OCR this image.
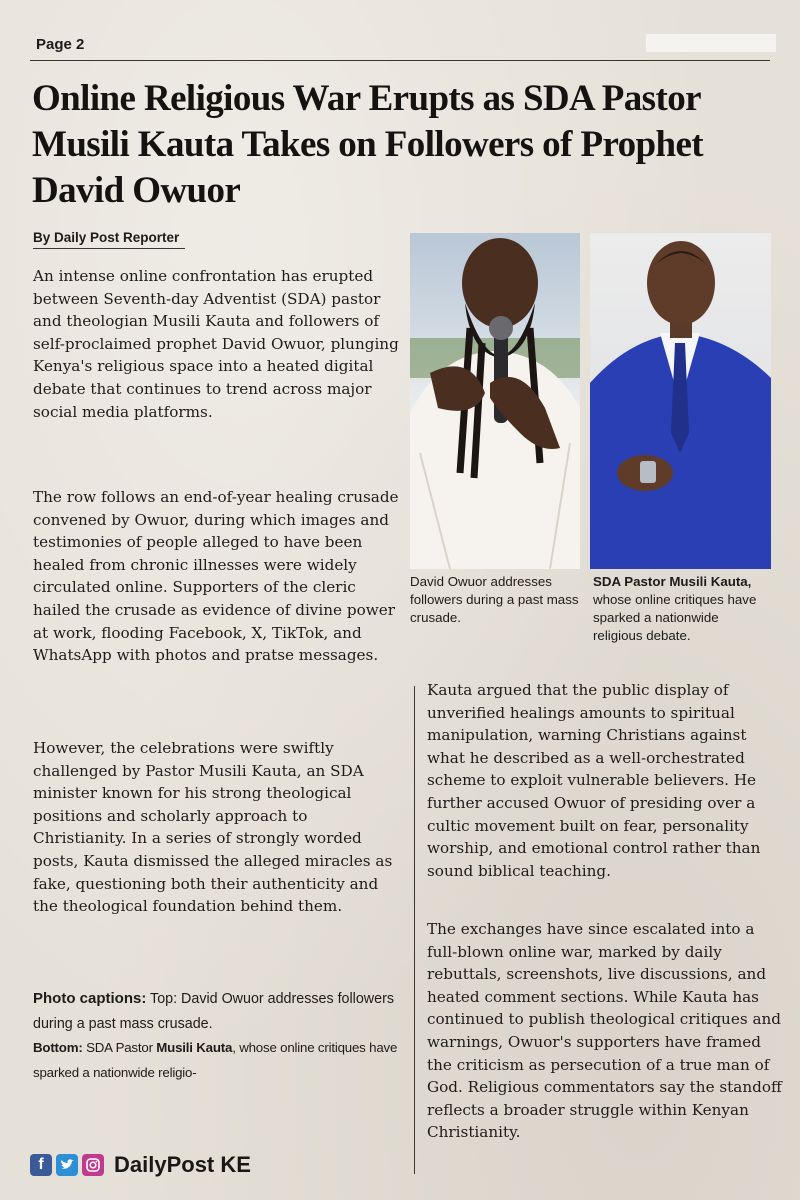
Page 2
Online Religious War Erupts as SDA Pastor Musili Kauta Takes on Followers of Prophet David Owuor
By Daily Post Reporter

An intense online confrontation has erupted between Seventh-day Adventist (SDA) pastor and theologian Musili Kauta and followers of self-proclaimed prophet David Owuor, plunging Kenya's religious space into a heated digital debate that continues to trend across major social media platforms.

The row follows an end-of-year healing crusade convened by Owuor, during which images and testimonies of people alleged to have been healed from chronic illnesses were widely circulated online. Supporters of the cleric hailed the crusade as evidence of divine power at work, flooding Facebook, X, TikTok, and WhatsApp with photos and pratse messages.

However, the celebrations were swiftly challenged by Pastor Musili Kauta, an SDA minister known for his strong theological positions and scholarly approach to Christianity. In a series of strongly worded posts, Kauta dismissed the alleged miracles as fake, questioning both their authenticity and the theological foundation behind them.

Photo captions: Top: David Owuor addresses followers during a past mass crusade.
Bottom: SDA Pastor Musili Kauta, whose online critiques have sparked a nationwide religio-
David Owuor addresses followers during a past mass crusade.
SDA Pastor Musili Kauta, whose online critiques have sparked a nationwide religious debate.

Kauta argued that the public display of unverified healings amounts to spiritual manipulation, warning Christians against what he described as a well-orchestrated scheme to exploit vulnerable believers. He further accused Owuor of presiding over a cultic movement built on fear, personality worship, and emotional control rather than sound biblical teaching.

The exchanges have since escalated into a full-blown online war, marked by daily rebuttals, screenshots, live discussions, and heated comment sections. While Kauta has continued to publish theological critiques and warnings, Owuor's supporters have framed the criticism as persecution of a true man of God. Religious commentators say the standoff reflects a broader struggle within Kenyan Christianity.

f	DailyPost KE
